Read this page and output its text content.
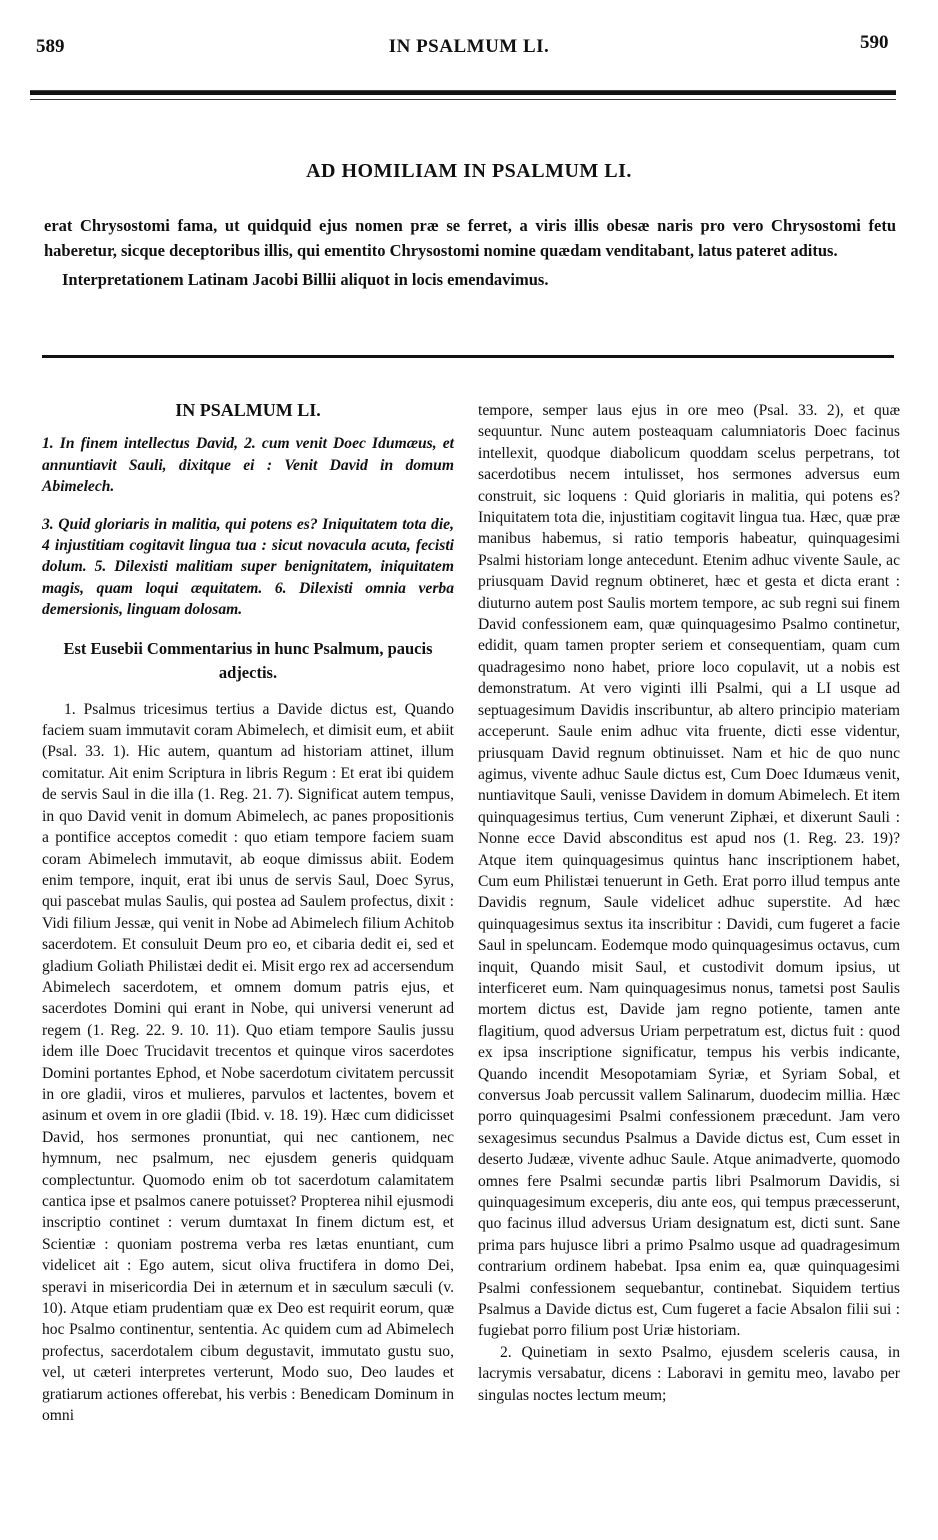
589	IN PSALMUM LI.	590
AD HOMILIAM IN PSALMUM LI.

erat Chrysostomi fama, ut quidquid ejus nomen præ se ferret, a viris illis obesæ naris pro vero Chrysostomi fetu haberetur, sicque deceptoribus illis, qui ementito Chrysostomi nomine quædam venditabant, latus pateret aditus.

Interpretationem Latinam Jacobi Billii aliquot in locis emendavimus.

IN PSALMUM LI.

1. In finem intellectus David, 2. cum venit Doec Idumæus, et annuntiavit Sauli, dixitque ei : Venit David in domum Abimelech.

3. Quid gloriaris in malitia, qui potens es? Iniquitatem tota die, 4 injustitiam cogitavit lingua tua : sicut novacula acuta, fecisti dolum. 5. Dilexisti malitiam super benignitatem, iniquitatem magis, quam loqui æquitatem. 6. Dilexisti omnia verba demersionis, linguam dolosam.

Est Eusebii Commentarius in hunc Psalmum, paucis adjectis.

1. Psalmus tricesimus tertius a Davide dictus est, Quando faciem suam immutavit coram Abimelech, et dimisit eum, et abiit (Psal. 33. 1). Hic autem, quantum ad historiam attinet, illum comitatur. Ait enim Scriptura in libris Regum : Et erat ibi quidem de servis Saul in die illa (1. Reg. 21. 7). Significat autem tempus, in quo David venit in domum Abimelech, ac panes propositionis a pontifice acceptos comedit : quo etiam tempore faciem suam coram Abimelech immutavit, ab eoque dimissus abiit. Eodem enim tempore, inquit, erat ibi unus de servis Saul, Doec Syrus, qui pascebat mulas Saulis, qui postea ad Saulem profectus, dixit : Vidi filium Jessæ, qui venit in Nobe ad Abimelech filium Achitob sacerdotem. Et consuluit Deum pro eo, et cibaria dedit ei, sed et gladium Goliath Philistæi dedit ei. Misit ergo rex ad accersendum Abimelech sacerdotem, et omnem domum patris ejus, et sacerdotes Domini qui erant in Nobe, qui universi venerunt ad regem (1. Reg. 22. 9. 10. 11). Quo etiam tempore Saulis jussu idem ille Doec Trucidavit trecentos et quinque viros sacerdotes Domini portantes Ephod, et Nobe sacerdotum civitatem percussit in ore gladii, viros et mulieres, parvulos et lactentes, bovem et asinum et ovem in ore gladii (Ibid. v. 18. 19). Hæc cum didicisset David, hos sermones pronuntiat, qui nec cantionem, nec hymnum, nec psalmum, nec ejusdem generis quidquam complectuntur. Quomodo enim ob tot sacerdotum calamitatem cantica ipse et psalmos canere potuisset? Propterea nihil ejusmodi inscriptio continet : verum dumtaxat In finem dictum est, et Scientiæ : quoniam postrema verba res lætas enuntiant, cum videlicet ait : Ego autem, sicut oliva fructifera in domo Dei, speravi in misericordia Dei in æternum et in sæculum sæculi (v. 10). Atque etiam prudentiam quæ ex Deo est requirit eorum, quæ hoc Psalmo continentur, sententia. Ac quidem cum ad Abimelech profectus, sacerdotalem cibum degustavit, immutato gustu suo, vel, ut cæteri interpretes verterunt, Modo suo, Deo laudes et gratiarum actiones offerebat, his verbis : Benedicam Dominum in omni

tempore, semper laus ejus in ore meo (Psal. 33. 2), et quæ sequuntur. Nunc autem posteaquam calumniatoris Doec facinus intellexit, quodque diabolicum quoddam scelus perpetrans, tot sacerdotibus necem intulisset, hos sermones adversus eum construit, sic loquens : Quid gloriaris in malitia, qui potens es? Iniquitatem tota die, injustitiam cogitavit lingua tua. Hæc, quæ præ manibus habemus, si ratio temporis habeatur, quinquagesimi Psalmi historiam longe antecedunt. Etenim adhuc vivente Saule, ac priusquam David regnum obtineret, hæc et gesta et dicta erant : diuturno autem post Saulis mortem tempore, ac sub regni sui finem David confessionem eam, quæ quinquagesimo Psalmo continetur, edidit, quam tamen propter seriem et consequentiam, quam cum quadragesimo nono habet, priore loco copulavit, ut a nobis est demonstratum. At vero viginti illi Psalmi, qui a LI usque ad septuagesimum Davidis inscribuntur, ab altero principio materiam acceperunt. Saule enim adhuc vita fruente, dicti esse videntur, priusquam David regnum obtinuisset. Nam et hic de quo nunc agimus, vivente adhuc Saule dictus est, Cum Doec Idumæus venit, nuntiavitque Sauli, venisse Davidem in domum Abimelech. Et item quinquagesimus tertius, Cum venerunt Ziphæi, et dixerunt Sauli : Nonne ecce David absconditus est apud nos (1. Reg. 23. 19)? Atque item quinquagesimus quintus hanc inscriptionem habet, Cum eum Philistæi tenuerunt in Geth. Erat porro illud tempus ante Davidis regnum, Saule videlicet adhuc superstite. Ad hæc quinquagesimus sextus ita inscribitur : Davidi, cum fugeret a facie Saul in speluncam. Eodemque modo quinquagesimus octavus, cum inquit, Quando misit Saul, et custodivit domum ipsius, ut interficeret eum. Nam quinquagesimus nonus, tametsi post Saulis mortem dictus est, Davide jam regno potiente, tamen ante flagitium, quod adversus Uriam perpetratum est, dictus fuit : quod ex ipsa inscriptione significatur, tempus his verbis indicante, Quando incendit Mesopotamiam Syriæ, et Syriam Sobal, et conversus Joab percussit vallem Salinarum, duodecim millia. Hæc porro quinquagesimi Psalmi confessionem præcedunt. Jam vero sexagesimus secundus Psalmus a Davide dictus est, Cum esset in deserto Judææ, vivente adhuc Saule. Atque animadverte, quomodo omnes fere Psalmi secundæ partis libri Psalmorum Davidis, si quinquagesimum exceperis, diu ante eos, qui tempus præcesserunt, quo facinus illud adversus Uriam designatum est, dicti sunt. Sane prima pars hujusce libri a primo Psalmo usque ad quadragesimum contrarium ordinem habebat. Ipsa enim ea, quæ quinquagesimi Psalmi confessionem sequebantur, continebat. Siquidem tertius Psalmus a Davide dictus est, Cum fugeret a facie Absalon filii sui : fugiebat porro filium post Uriæ historiam.

2. Quinetiam in sexto Psalmo, ejusdem sceleris causa, in lacrymis versabatur, dicens : Laboravi in gemitu meo, lavabo per singulas noctes lectum meum;
